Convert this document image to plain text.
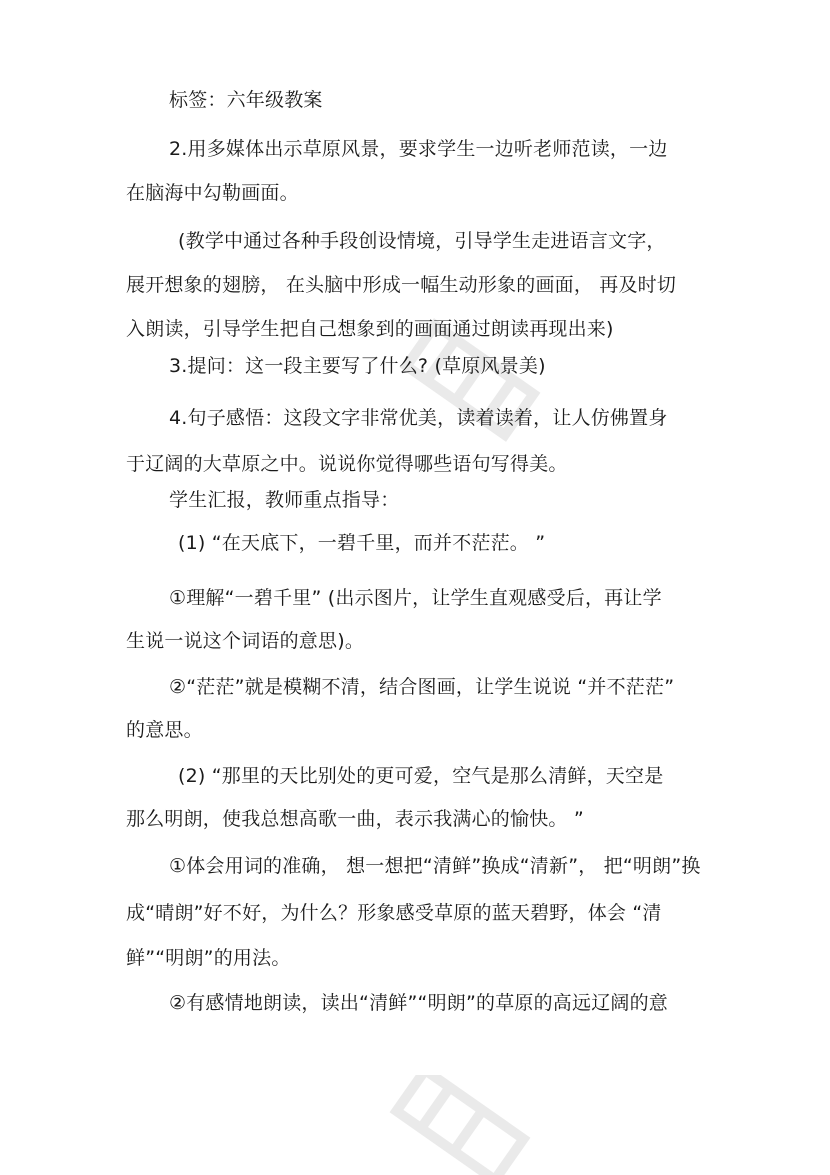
标签：六年级教案
2.用多媒体出示草原风景，要求学生一边听老师范读，一边
在脑海中勾勒画面。
(教学中通过各种手段创设情境，引导学生走进语言文字，
展开想象的翅膀， 在头脑中形成一幅生动形象的画面， 再及时切
入朗读，引导学生把自己想象到的画面通过朗读再现出来)
3.提问：这一段主要写了什么? (草原风景美)
4.句子感悟：这段文字非常优美，读着读着，让人仿佛置身
于辽阔的大草原之中。说说你觉得哪些语句写得美。
学生汇报，教师重点指导：
(1) “在天底下，一碧千里，而并不茫茫。 ”
①理解“一碧千里” (出示图片，让学生直观感受后，再让学
生说一说这个词语的意思)。
②“茫茫”就是模糊不清，结合图画，让学生说说 “并不茫茫”
的意思。
(2) “那里的天比别处的更可爱，空气是那么清鲜，天空是
那么明朗，使我总想高歌一曲，表示我满心的愉快。 ”
①体会用词的准确， 想一想把“清鲜”换成“清新”， 把“明朗”换
成“晴朗”好不好，为什么？形象感受草原的蓝天碧野，体会 “清
鲜”“明朗”的用法。
②有感情地朗读，读出“清鲜”“明朗”的草原的高远辽阔的意
